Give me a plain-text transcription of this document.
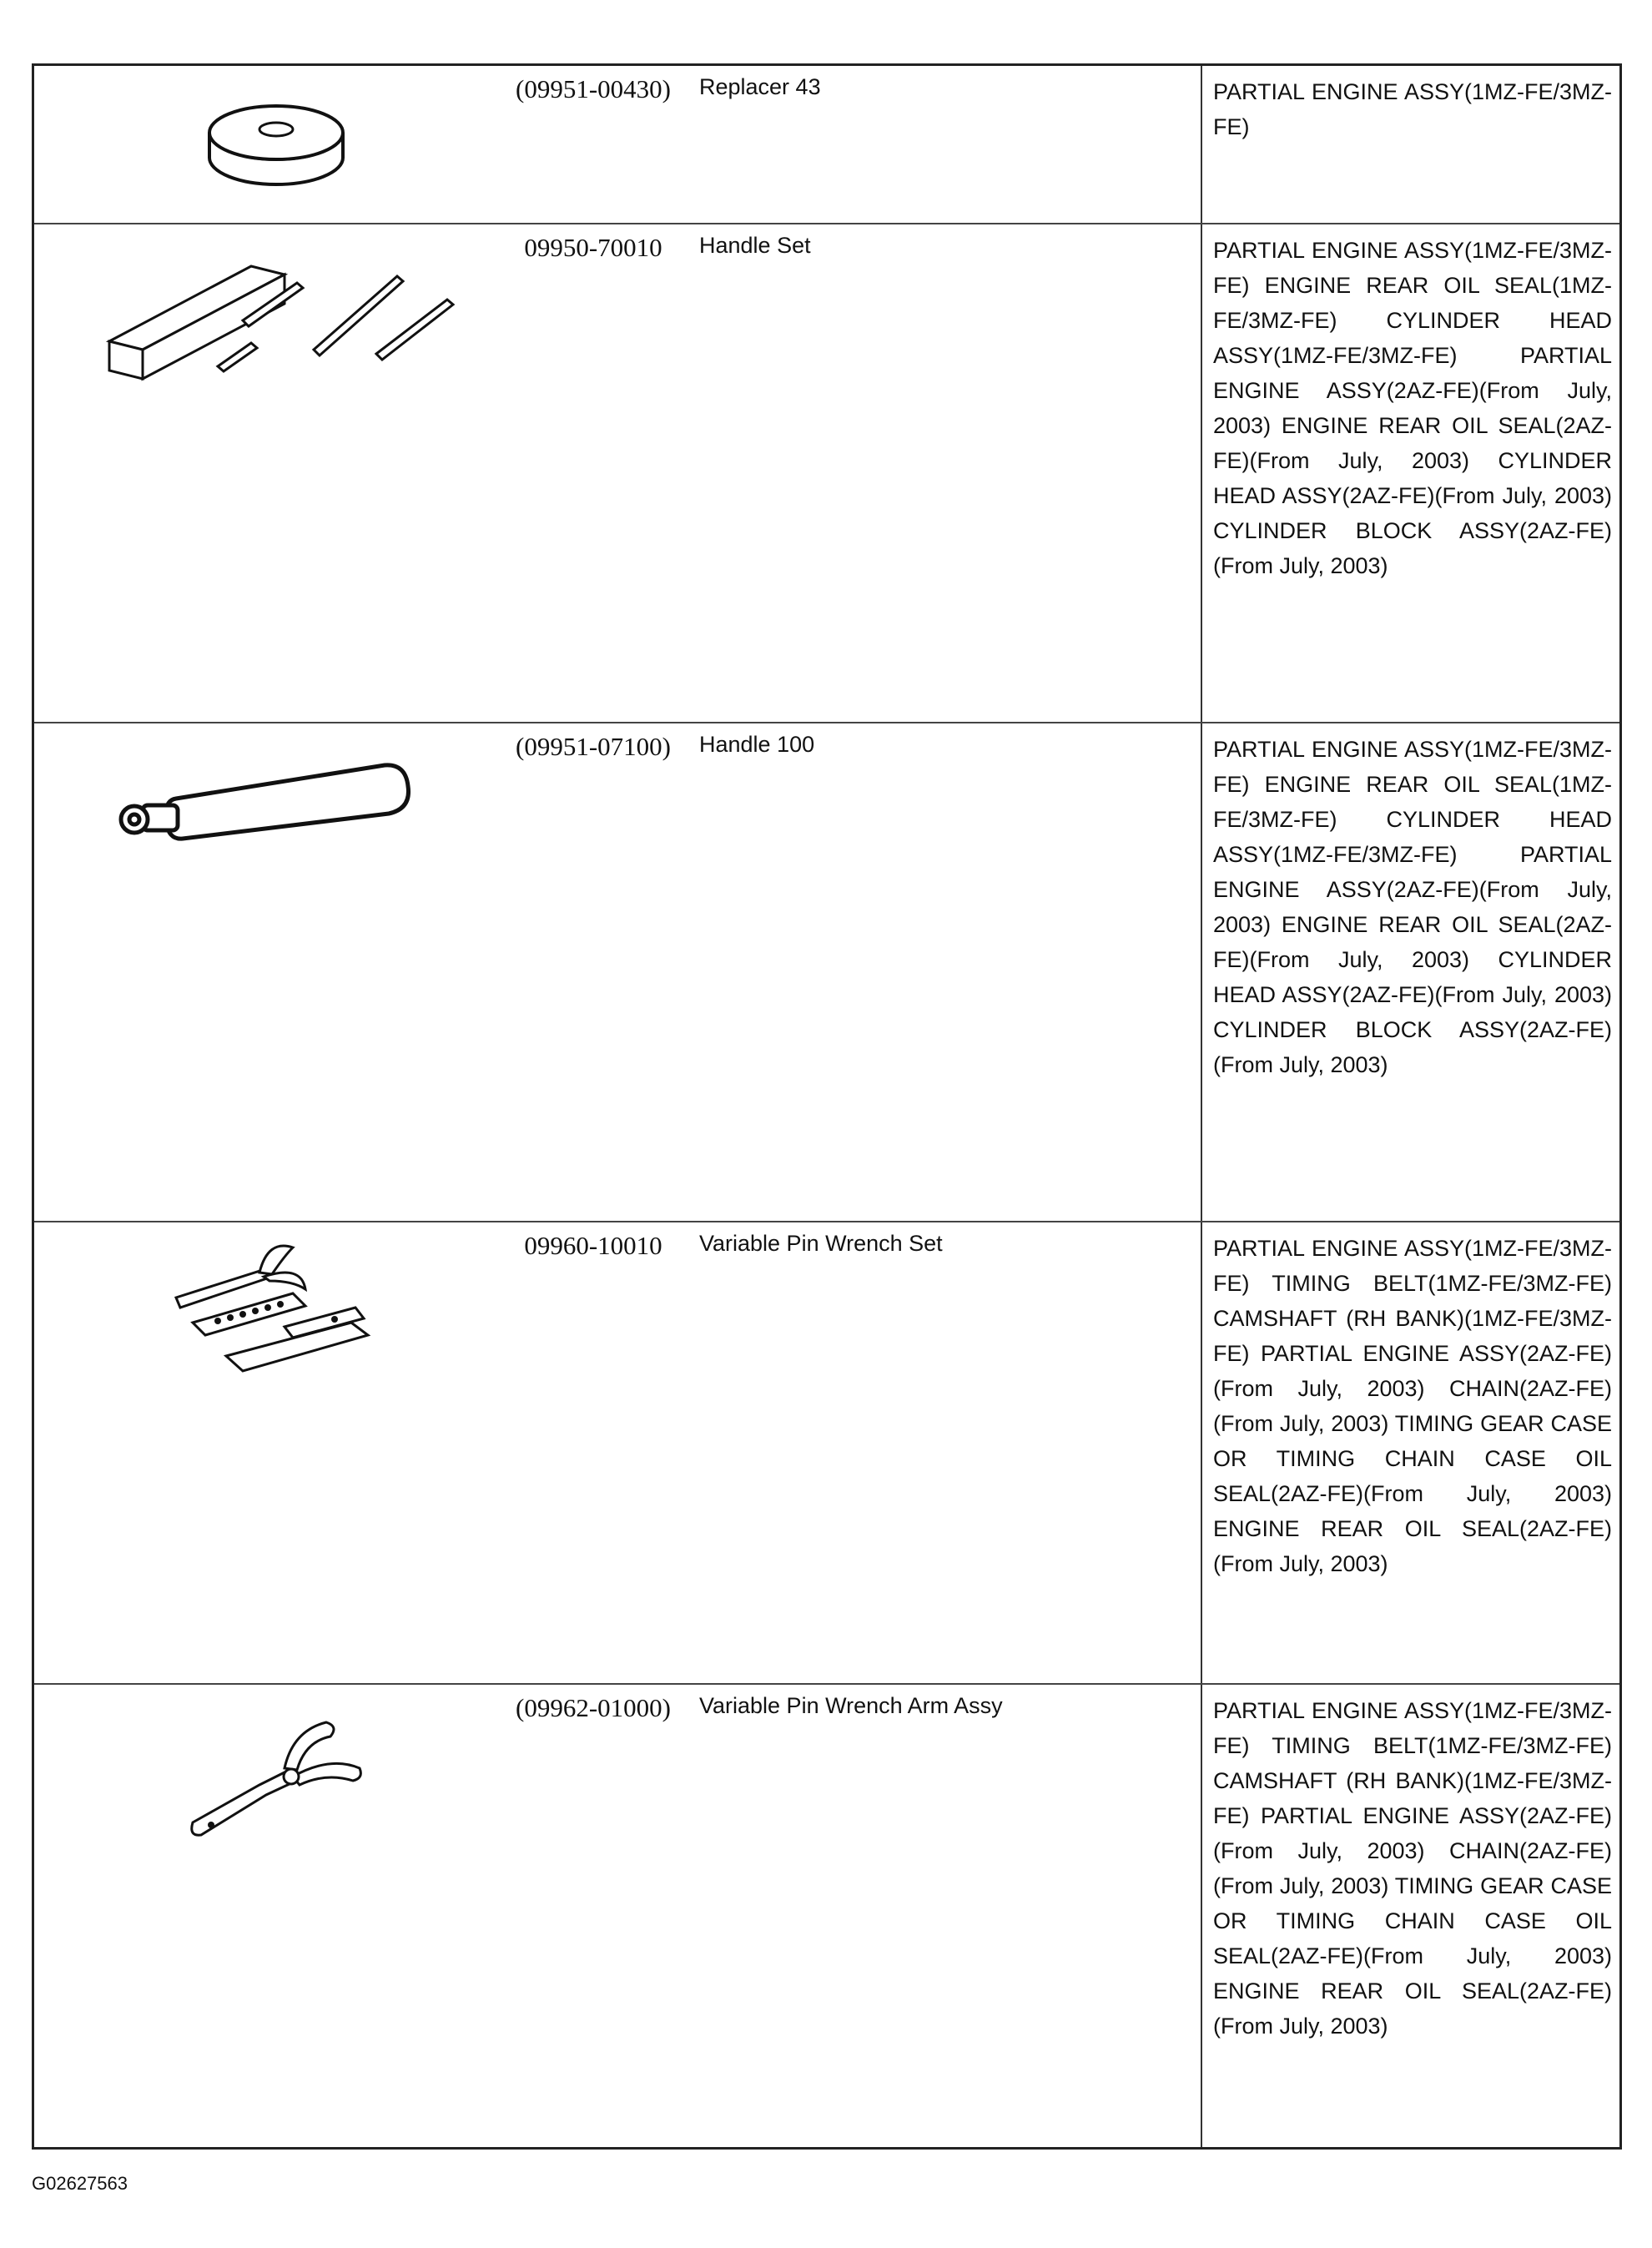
(09951-00430)	Replacer 43	PARTIAL ENGINE ASSY(1MZ-FE/3MZ-FE)
09950-70010	Handle Set	PARTIAL ENGINE ASSY(1MZ-FE/3MZ-FE) ENGINE REAR OIL SEAL(1MZ-FE/3MZ-FE) CYLINDER HEAD ASSY(1MZ-FE/3MZ-FE) PARTIAL ENGINE ASSY(2AZ-FE)(From July, 2003) ENGINE REAR OIL SEAL(2AZ-FE)(From July, 2003) CYLINDER HEAD ASSY(2AZ-FE)(From July, 2003) CYLINDER BLOCK ASSY(2AZ-FE)(From July, 2003)
(09951-07100)	Handle 100	PARTIAL ENGINE ASSY(1MZ-FE/3MZ-FE) ENGINE REAR OIL SEAL(1MZ-FE/3MZ-FE) CYLINDER HEAD ASSY(1MZ-FE/3MZ-FE) PARTIAL ENGINE ASSY(2AZ-FE)(From July, 2003) ENGINE REAR OIL SEAL(2AZ-FE)(From July, 2003) CYLINDER HEAD ASSY(2AZ-FE)(From July, 2003) CYLINDER BLOCK ASSY(2AZ-FE)(From July, 2003)
09960-10010	Variable Pin Wrench Set	PARTIAL ENGINE ASSY(1MZ-FE/3MZ-FE) TIMING BELT(1MZ-FE/3MZ-FE) CAMSHAFT (RH BANK)(1MZ-FE/3MZ-FE) PARTIAL ENGINE ASSY(2AZ-FE)(From July, 2003) CHAIN(2AZ-FE)(From July, 2003) TIMING GEAR CASE OR TIMING CHAIN CASE OIL SEAL(2AZ-FE)(From July, 2003) ENGINE REAR OIL SEAL(2AZ-FE)(From July, 2003)
(09962-01000)	Variable Pin Wrench Arm Assy	PARTIAL ENGINE ASSY(1MZ-FE/3MZ-FE) TIMING BELT(1MZ-FE/3MZ-FE) CAMSHAFT (RH BANK)(1MZ-FE/3MZ-FE) PARTIAL ENGINE ASSY(2AZ-FE)(From July, 2003) CHAIN(2AZ-FE)(From July, 2003) TIMING GEAR CASE OR TIMING CHAIN CASE OIL SEAL(2AZ-FE)(From July, 2003) ENGINE REAR OIL SEAL(2AZ-FE)(From July, 2003)
G02627563
